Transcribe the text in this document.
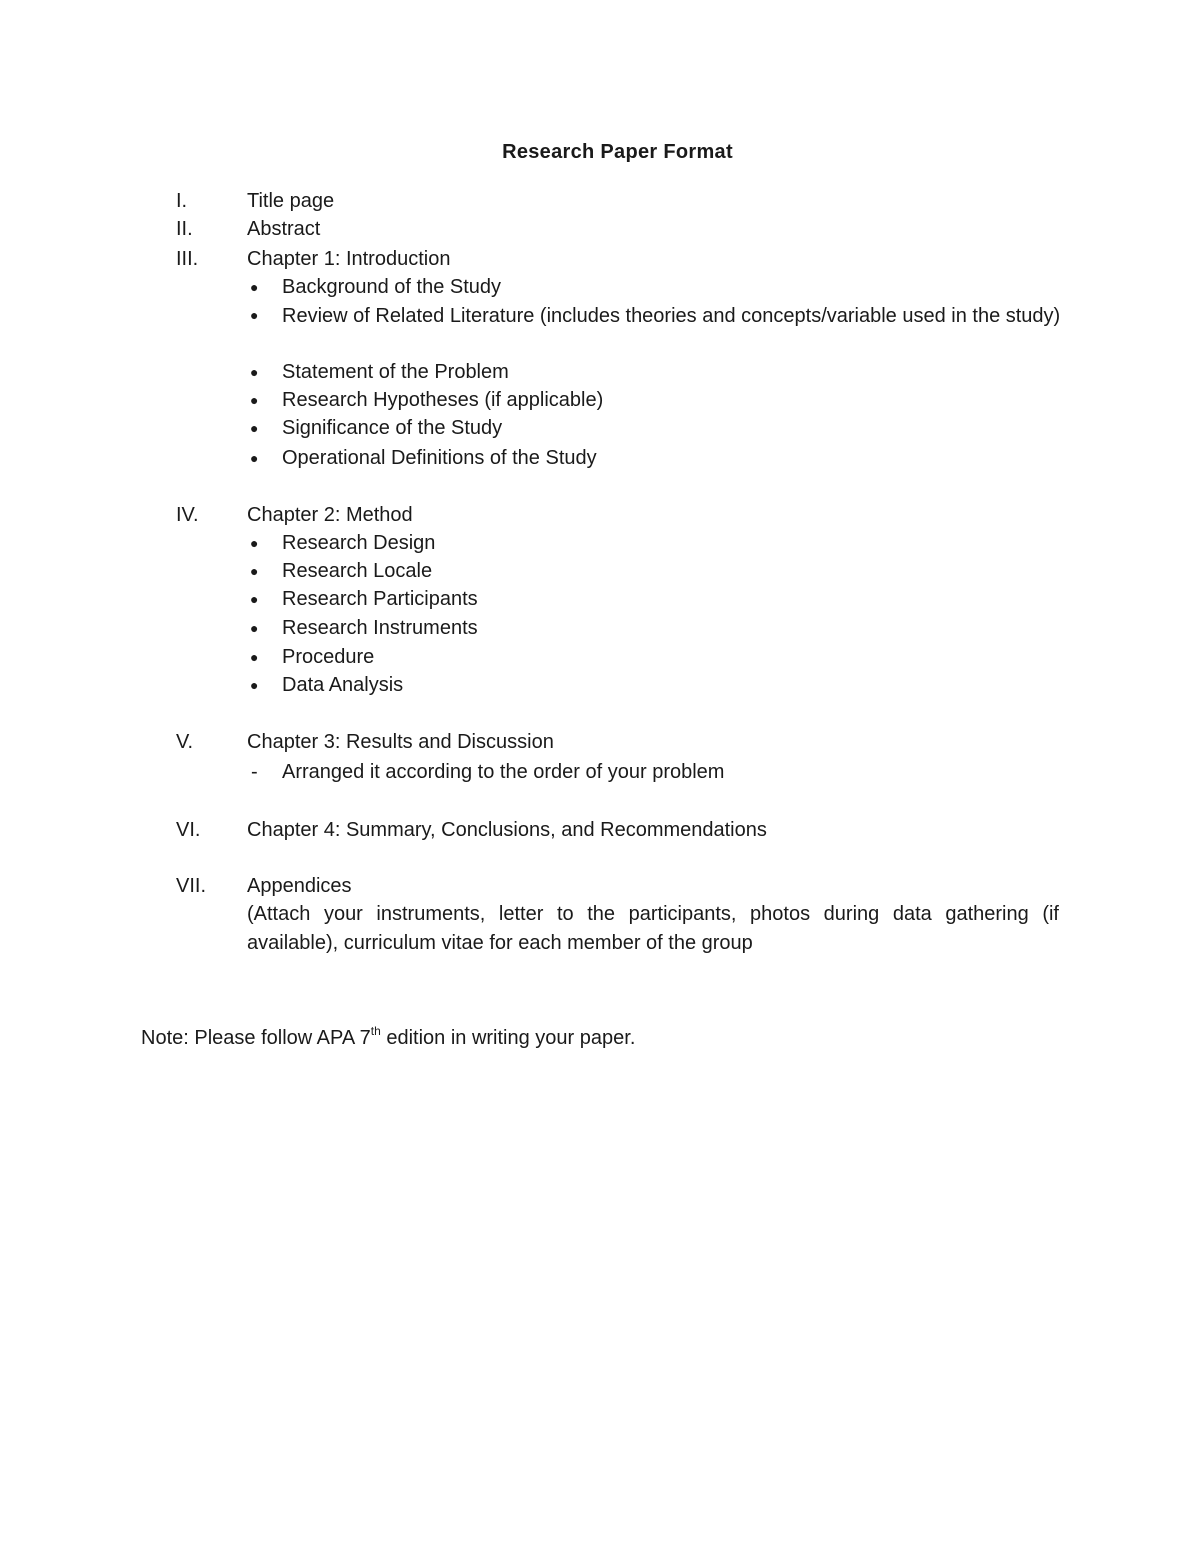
Research Paper Format
I.	Title page
II.	Abstract
III. Chapter 1: Introduction
● Background of the Study
● Review of Related Literature (includes theories and concepts/variable used in the study)
● Statement of the Problem
● Research Hypotheses (if applicable)
● Significance of the Study
● Operational Definitions of the Study
IV. Chapter 2: Method
● Research Design
● Research Locale
● Research Participants
● Research Instruments
● Procedure
● Data Analysis
V.	Chapter 3: Results and Discussion
- Arranged it according to the order of your problem
VI. Chapter 4: Summary, Conclusions, and Recommendations
VII. Appendices
(Attach your instruments, letter to the participants, photos during data gathering (if available), curriculum vitae for each member of the group
Note: Please follow APA 7th edition in writing your paper.
